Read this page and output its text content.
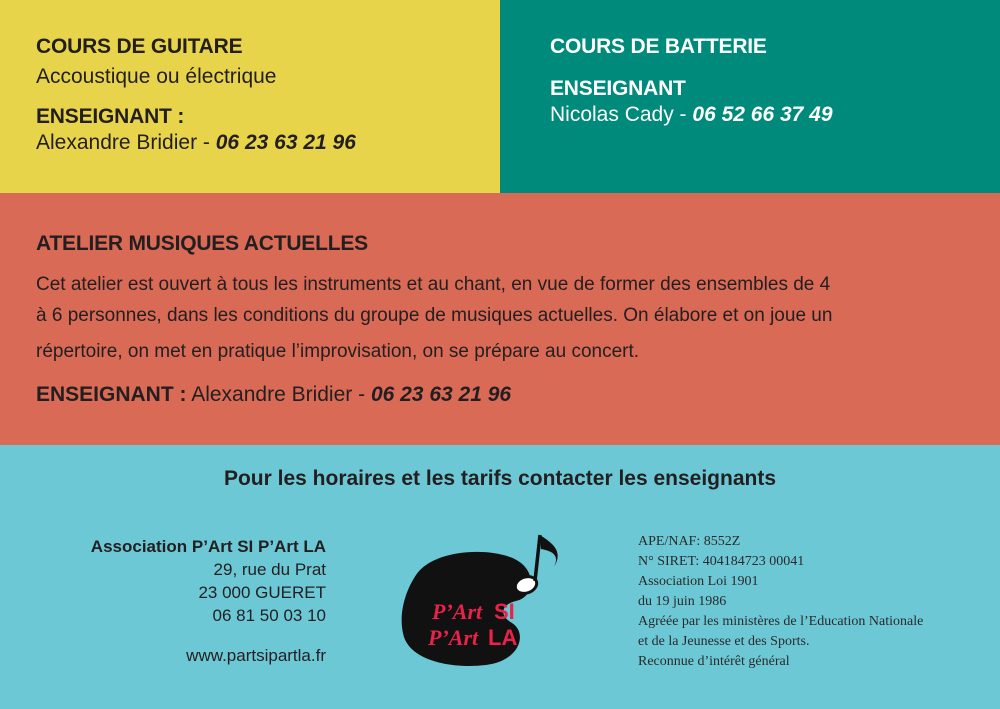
COURS DE GUITARE
Accoustique ou électrique
ENSEIGNANT :
Alexandre Bridier - 06 23 63 21 96
COURS DE BATTERIE
ENSEIGNANT
Nicolas Cady - 06 52 66 37 49
ATELIER MUSIQUES ACTUELLES

Cet atelier est ouvert à tous les instruments et au chant, en vue de former des ensembles de 4

à 6 personnes, dans les conditions du groupe de musiques actuelles. On élabore et on joue un

répertoire, on met en pratique l’improvisation, on se prépare au concert.

ENSEIGNANT : Alexandre Bridier - 06 23 63 21 96
Pour les horaires et les tarifs contacter les enseignants
Association P’Art SI P’Art LA
29, rue du Prat
23 000 GUERET
06 81 50 03 10
www.partsipartla.fr
P’Art SI
P’Art LA
APE/NAF: 8552Z
N° SIRET: 404184723 00041
Association Loi 1901
du 19 juin 1986
Agréée par les ministères de l’Education Nationale
et de la Jeunesse et des Sports.
Reconnue d’intérêt général
